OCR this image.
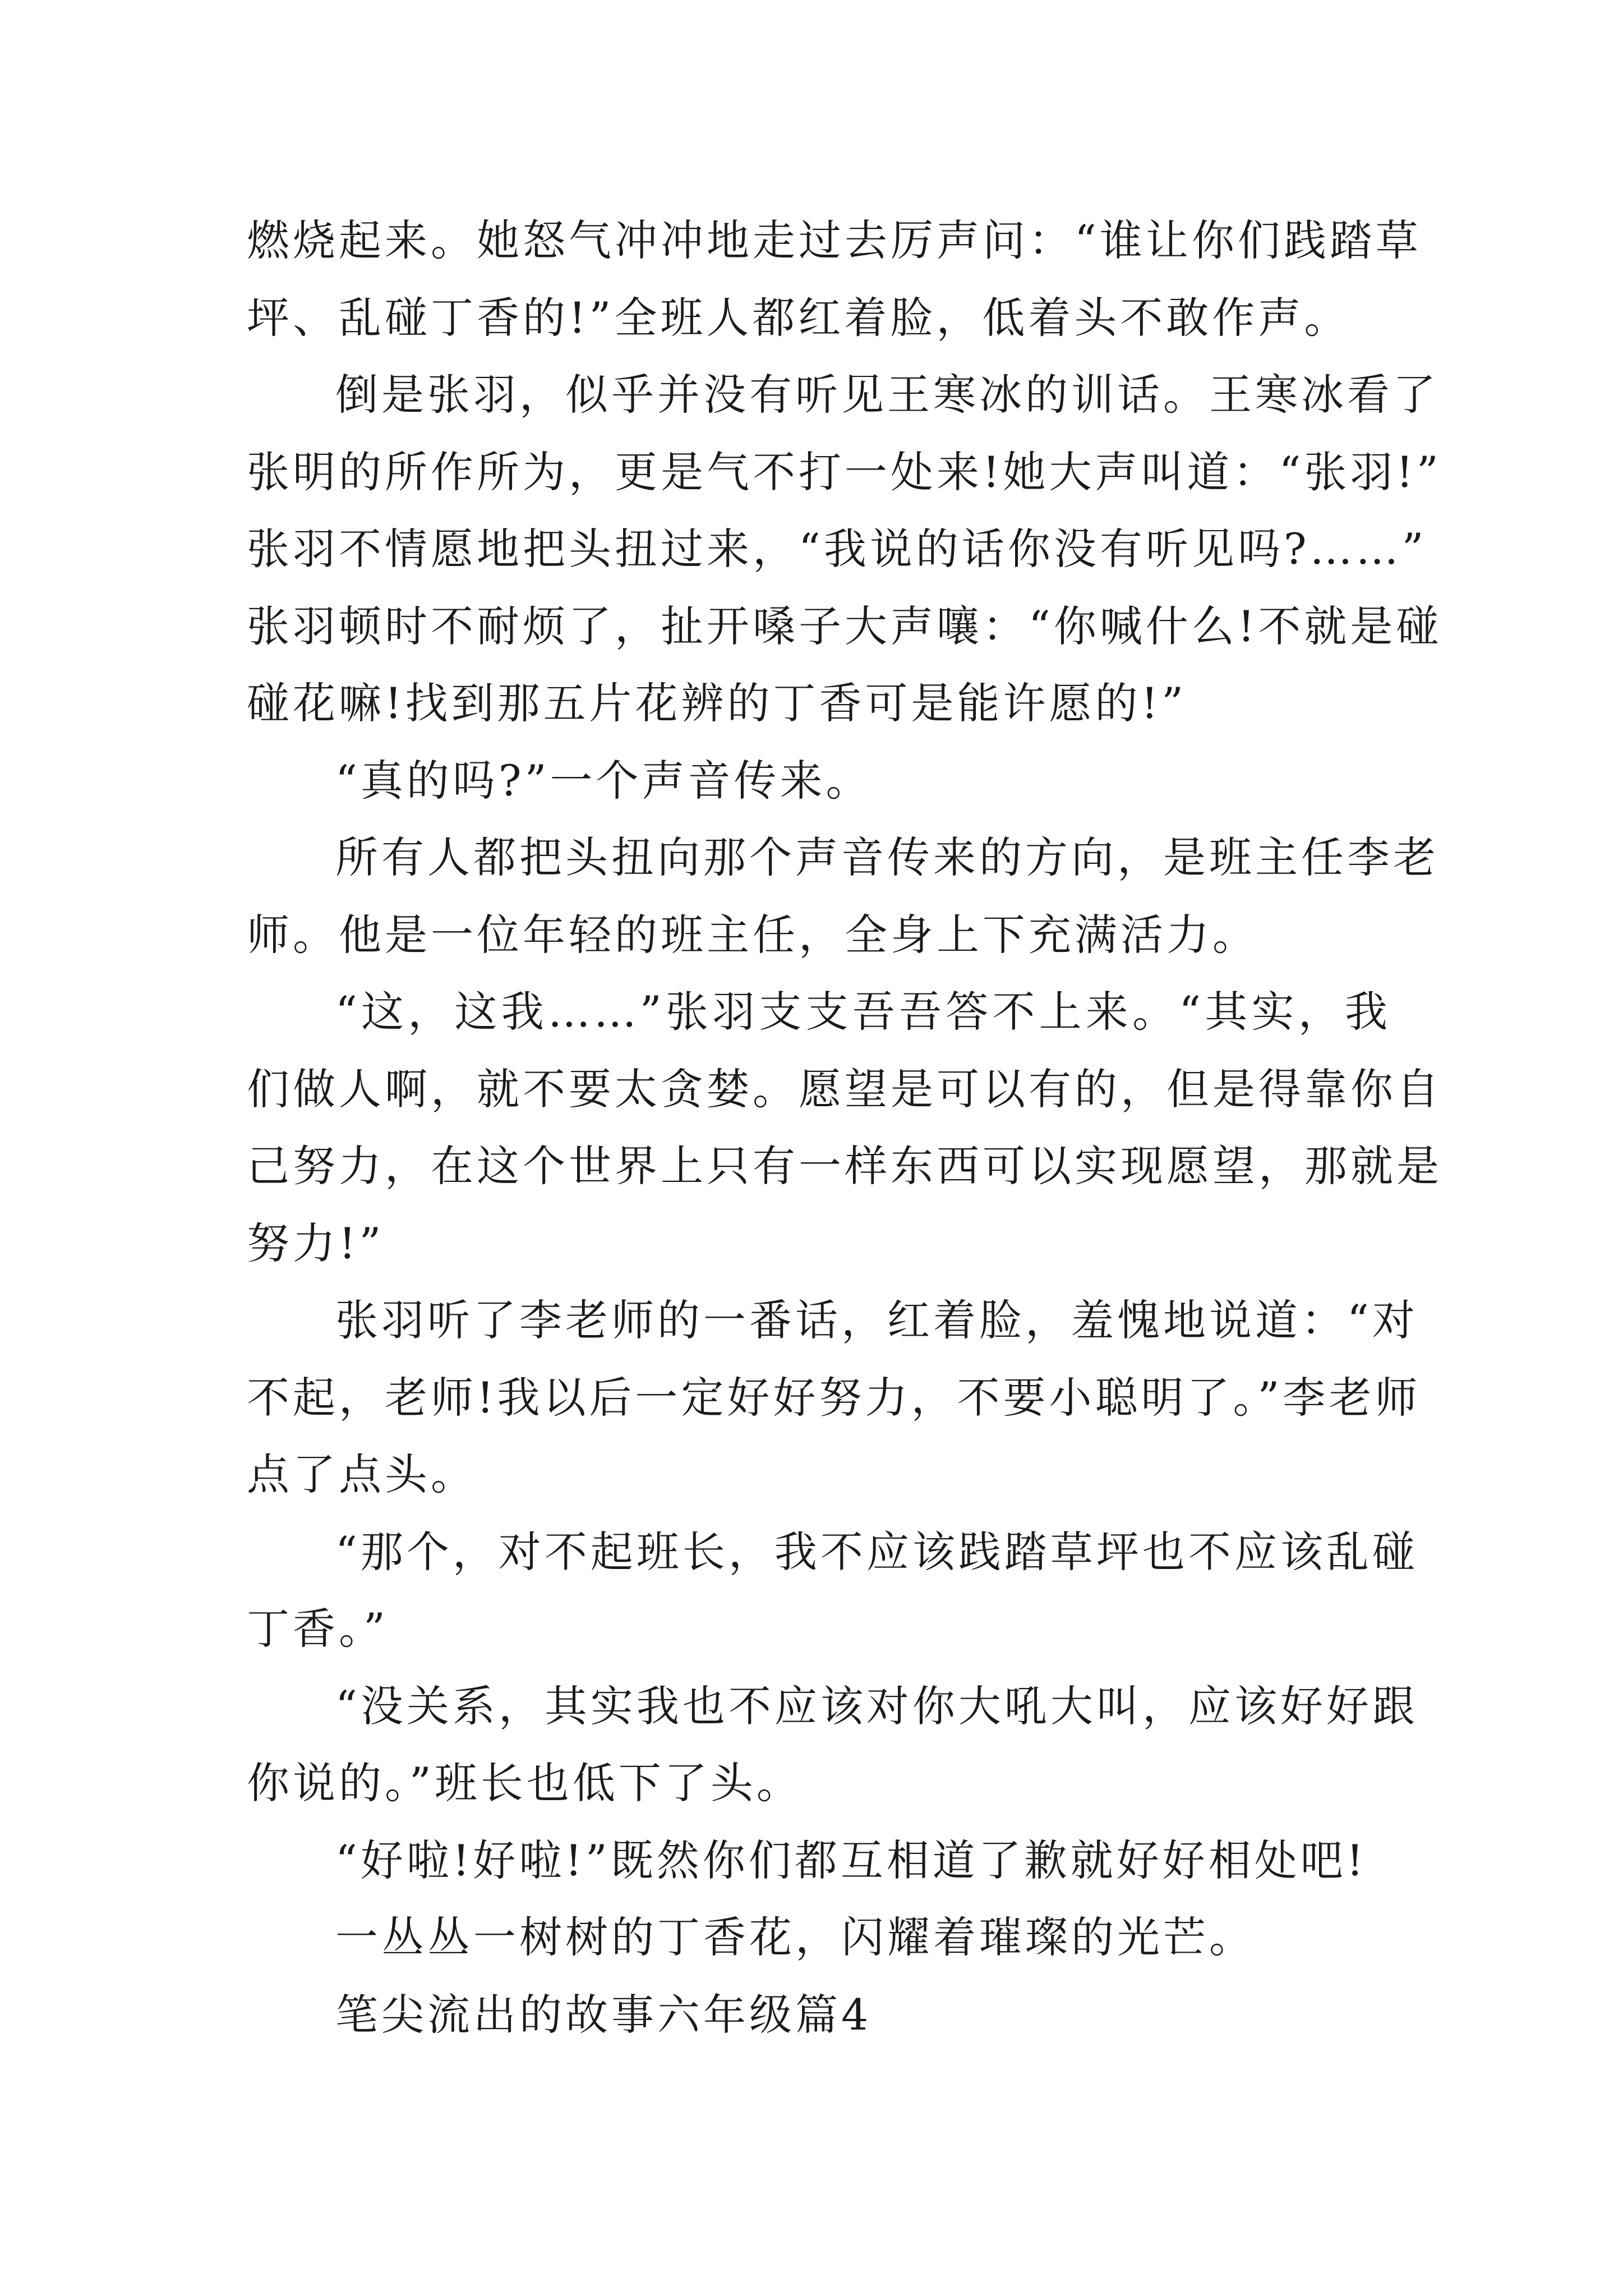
燃烧起来。她怒气冲冲地走过去厉声问：“谁让你们践踏草
坪、乱碰丁香的!”全班人都红着脸，低着头不敢作声。
倒是张羽，似乎并没有听见王寒冰的训话。王寒冰看了
张明的所作所为，更是气不打一处来!她大声叫道：“张羽!”
张羽不情愿地把头扭过来，“我说的话你没有听见吗?……”
张羽顿时不耐烦了，扯开嗓子大声嚷：“你喊什么!不就是碰
碰花嘛!找到那五片花辨的丁香可是能许愿的!”
“真的吗?”一个声音传来。
所有人都把头扭向那个声音传来的方向，是班主任李老
师。他是一位年轻的班主任，全身上下充满活力。
“这，这我……”张羽支支吾吾答不上来。“其实，我
们做人啊，就不要太贪婪。愿望是可以有的，但是得靠你自
己努力，在这个世界上只有一样东西可以实现愿望，那就是
努力!”
张羽听了李老师的一番话，红着脸，羞愧地说道：“对
不起，老师!我以后一定好好努力，不要小聪明了。”李老师
点了点头。
“那个，对不起班长，我不应该践踏草坪也不应该乱碰
丁香。”
“没关系，其实我也不应该对你大吼大叫，应该好好跟
你说的。”班长也低下了头。
“好啦!好啦!”既然你们都互相道了歉就好好相处吧!
一丛丛一树树的丁香花，闪耀着璀璨的光芒。
笔尖流出的故事六年级篇4
